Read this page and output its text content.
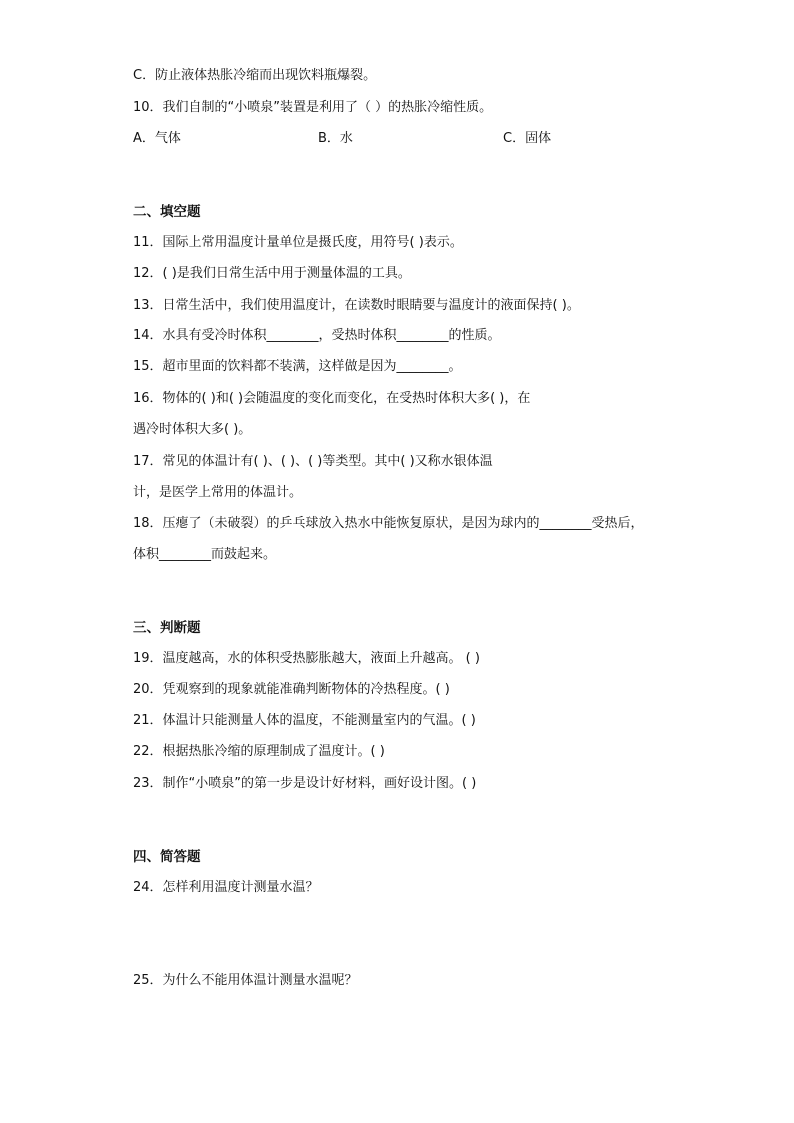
C．防止液体热胀冷缩而出现饮料瓶爆裂。
10．我们自制的“小喷泉”装置是利用了（ ）的热胀冷缩性质。
A．气体	B．水	C．固体
二、填空题
11．国际上常用温度计量单位是摄氏度，用符号( )表示。
12．( )是我们日常生活中用于测量体温的工具。
13．日常生活中，我们使用温度计，在读数时眼睛要与温度计的液面保持( )。
14．水具有受冷时体积________，受热时体积________的性质。
15．超市里面的饮料都不装满，这样做是因为________。
16．物体的( )和( )会随温度的变化而变化，在受热时体积大多( )，在
遇冷时体积大多( )。
17．常见的体温计有( )、( )、( )等类型。其中( )又称水银体温
计，是医学上常用的体温计。
18．压瘪了（未破裂）的乒乓球放入热水中能恢复原状，是因为球内的________受热后，
体积________而鼓起来。
三、判断题
19．温度越高，水的体积受热膨胀越大，液面上升越高。 ( )
20．凭观察到的现象就能准确判断物体的冷热程度。( )
21．体温计只能测量人体的温度，不能测量室内的气温。( )
22．根据热胀冷缩的原理制成了温度计。( )
23．制作“小喷泉”的第一步是设计好材料，画好设计图。( )
四、简答题
24．怎样利用温度计测量水温？
25．为什么不能用体温计测量水温呢？
